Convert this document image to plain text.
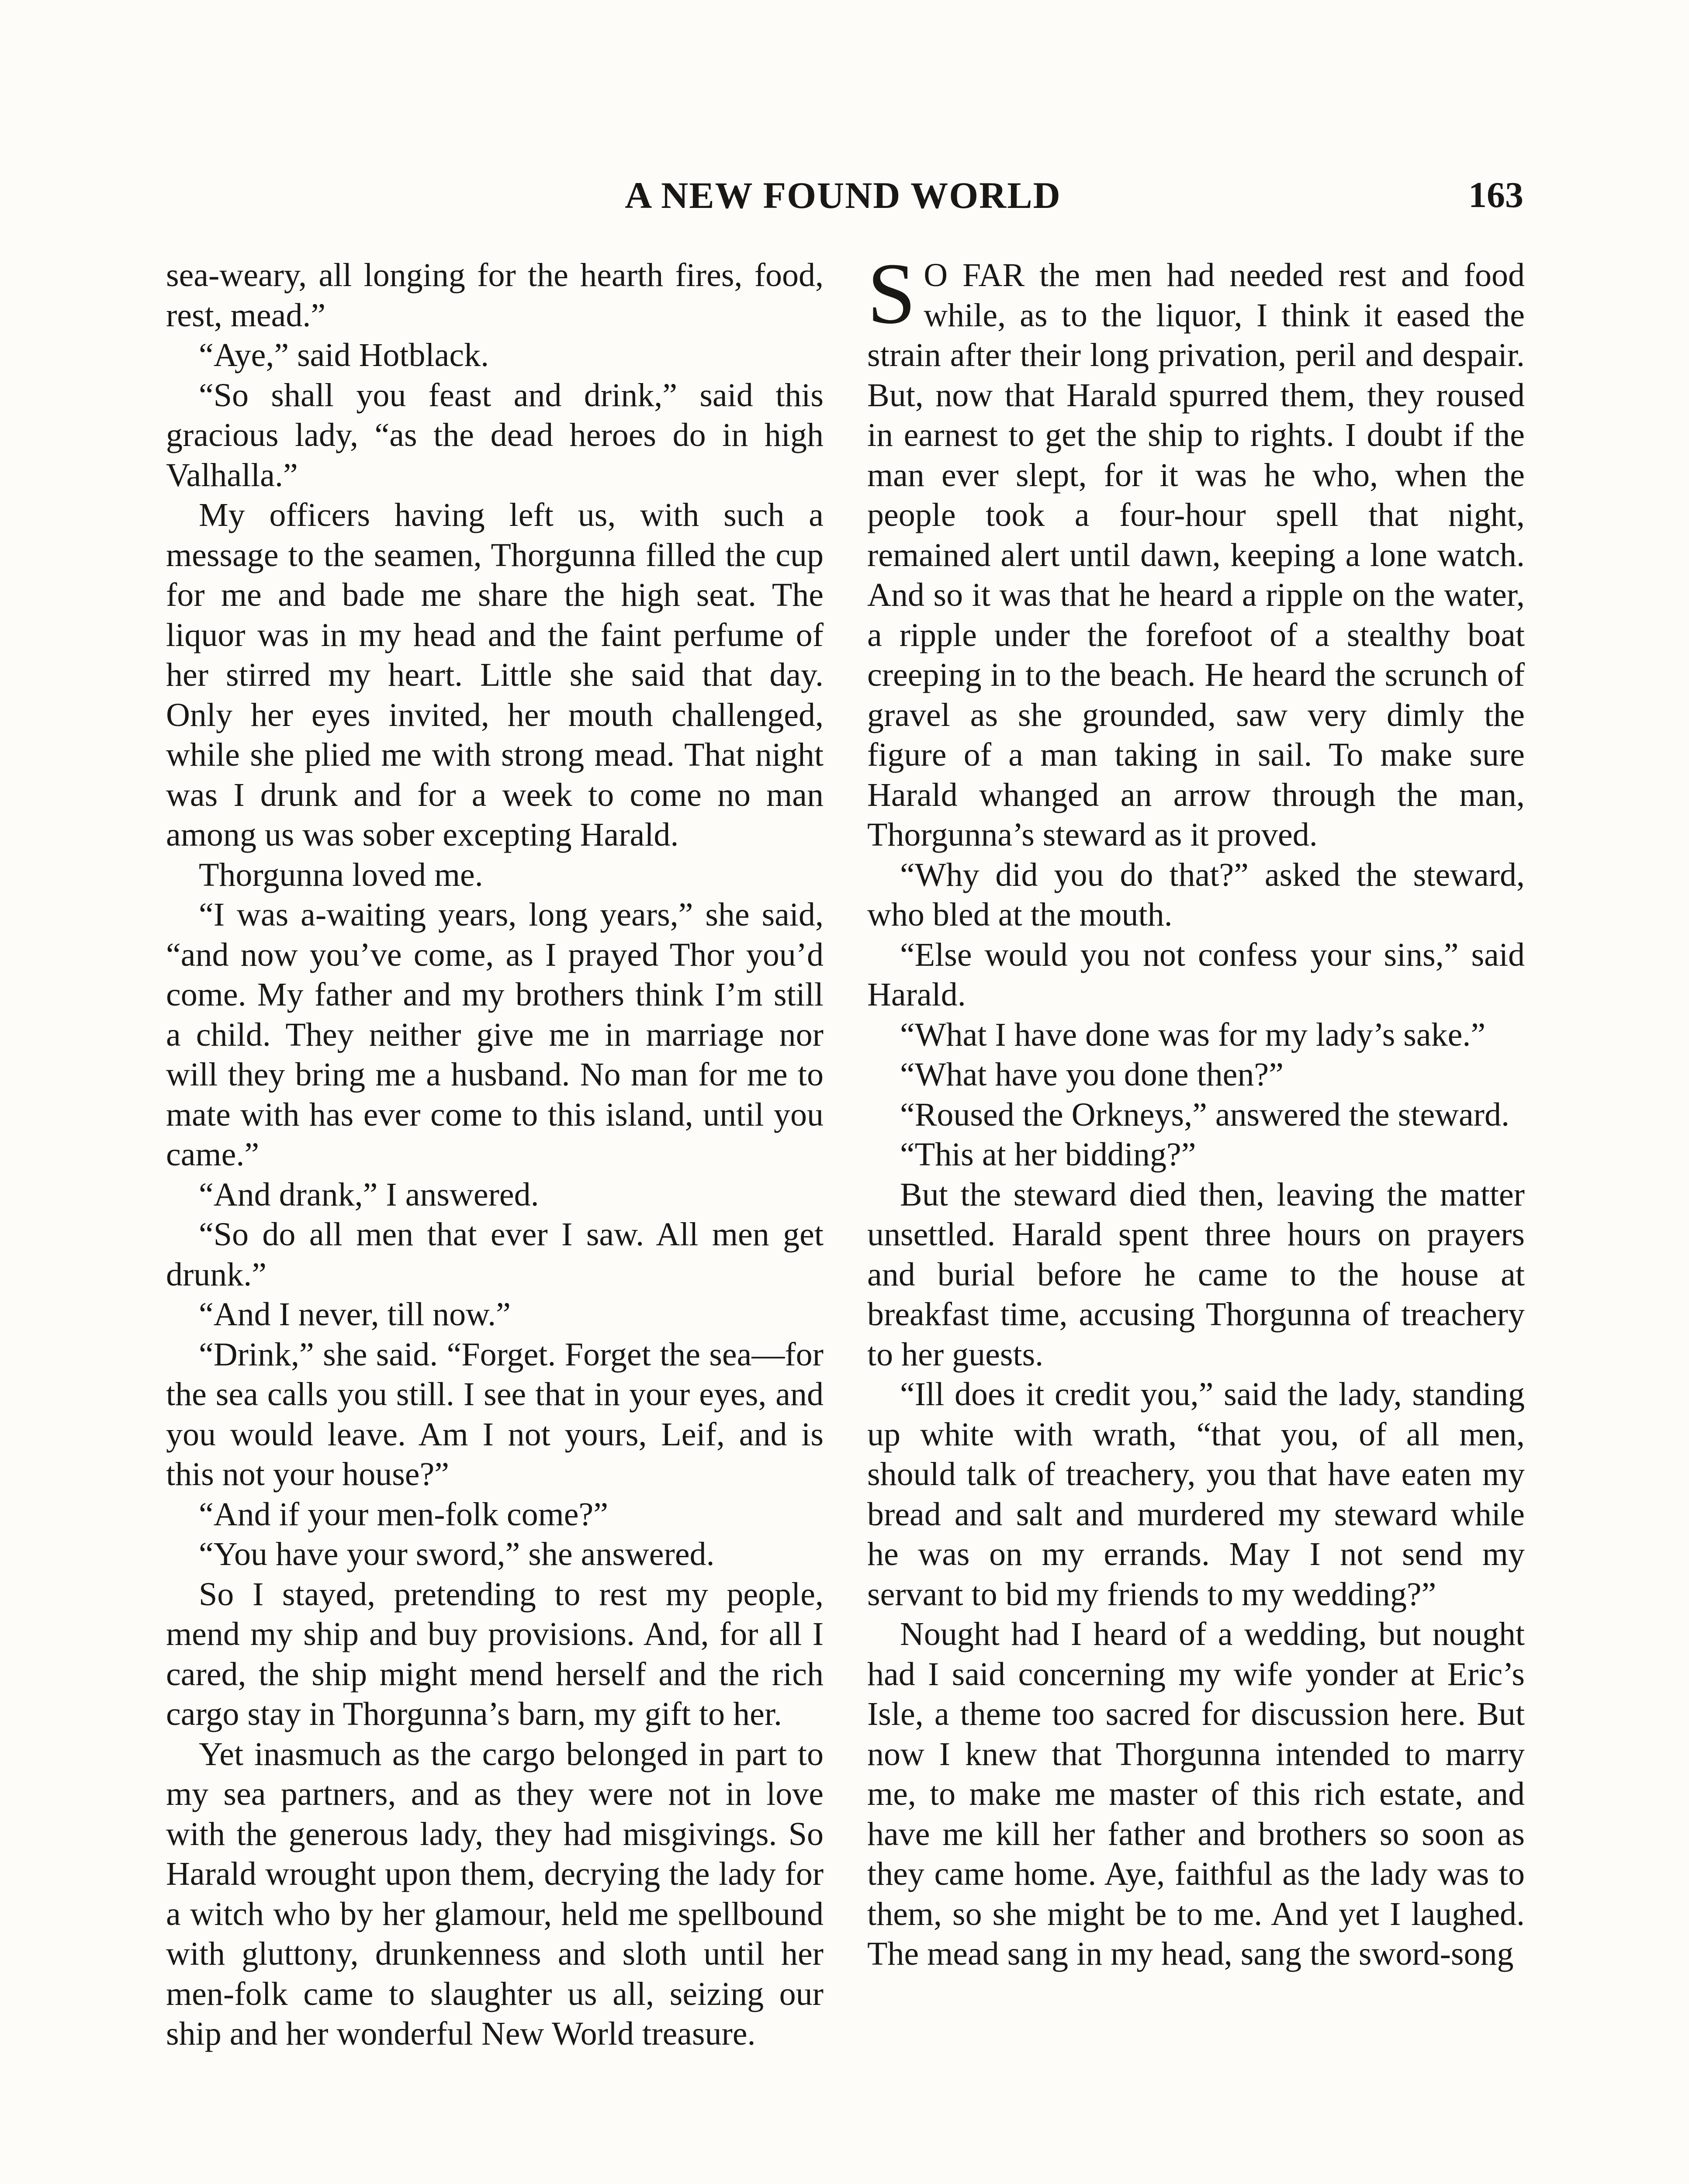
A NEW FOUND WORLD	163

sea-weary, all longing for the hearth fires, food, rest, mead.”

“Aye,” said Hotblack.

“So shall you feast and drink,” said this gracious lady, “as the dead heroes do in high Valhalla.”

My officers having left us, with such a message to the seamen, Thorgunna filled the cup for me and bade me share the high seat. The liquor was in my head and the faint perfume of her stirred my heart. Little she said that day. Only her eyes invited, her mouth challenged, while she plied me with strong mead. That night was I drunk and for a week to come no man among us was sober excepting Harald.

Thorgunna loved me.

“I was a-waiting years, long years,” she said, “and now you’ve come, as I prayed Thor you’d come. My father and my brothers think I’m still a child. They neither give me in marriage nor will they bring me a husband. No man for me to mate with has ever come to this island, until you came.”

“And drank,” I answered.

“So do all men that ever I saw. All men get drunk.”

“And I never, till now.”

“Drink,” she said. “Forget. Forget the sea—for the sea calls you still. I see that in your eyes, and you would leave. Am I not yours, Leif, and is this not your house?”

“And if your men-folk come?”

“You have your sword,” she answered.

So I stayed, pretending to rest my people, mend my ship and buy provisions. And, for all I cared, the ship might mend herself and the rich cargo stay in Thorgunna’s barn, my gift to her.

Yet inasmuch as the cargo belonged in part to my sea partners, and as they were not in love with the generous lady, they had misgivings. So Harald wrought upon them, decrying the lady for a witch who by her glamour, held me spellbound with gluttony, drunkenness and sloth until her men-folk came to slaughter us all, seizing our ship and her wonderful New World treasure.

S O FAR the men had needed rest and food while, as to the liquor, I think it eased the strain after their long privation, peril and despair. But, now that Harald spurred them, they roused in earnest to get the ship to rights. I doubt if the man ever slept, for it was he who, when the people took a four-hour spell that night, remained alert until dawn, keeping a lone watch. And so it was that he heard a ripple on the water, a ripple under the forefoot of a stealthy boat creeping in to the beach. He heard the scrunch of gravel as she grounded, saw very dimly the figure of a man taking in sail. To make sure Harald whanged an arrow through the man, Thorgunna’s steward as it proved.

“Why did you do that?” asked the steward, who bled at the mouth.

“Else would you not confess your sins,” said Harald.

“What I have done was for my lady’s sake.”

“What have you done then?”

“Roused the Orkneys,” answered the steward.

“This at her bidding?”

But the steward died then, leaving the matter unsettled. Harald spent three hours on prayers and burial before he came to the house at breakfast time, accusing Thorgunna of treachery to her guests.

“Ill does it credit you,” said the lady, standing up white with wrath, “that you, of all men, should talk of treachery, you that have eaten my bread and salt and murdered my steward while he was on my errands. May I not send my servant to bid my friends to my wedding?”

Nought had I heard of a wedding, but nought had I said concerning my wife yonder at Eric’s Isle, a theme too sacred for discussion here. But now I knew that Thorgunna intended to marry me, to make me master of this rich estate, and have me kill her father and brothers so soon as they came home. Aye, faithful as the lady was to them, so she might be to me. And yet I laughed. The mead sang in my head, sang the sword-song
